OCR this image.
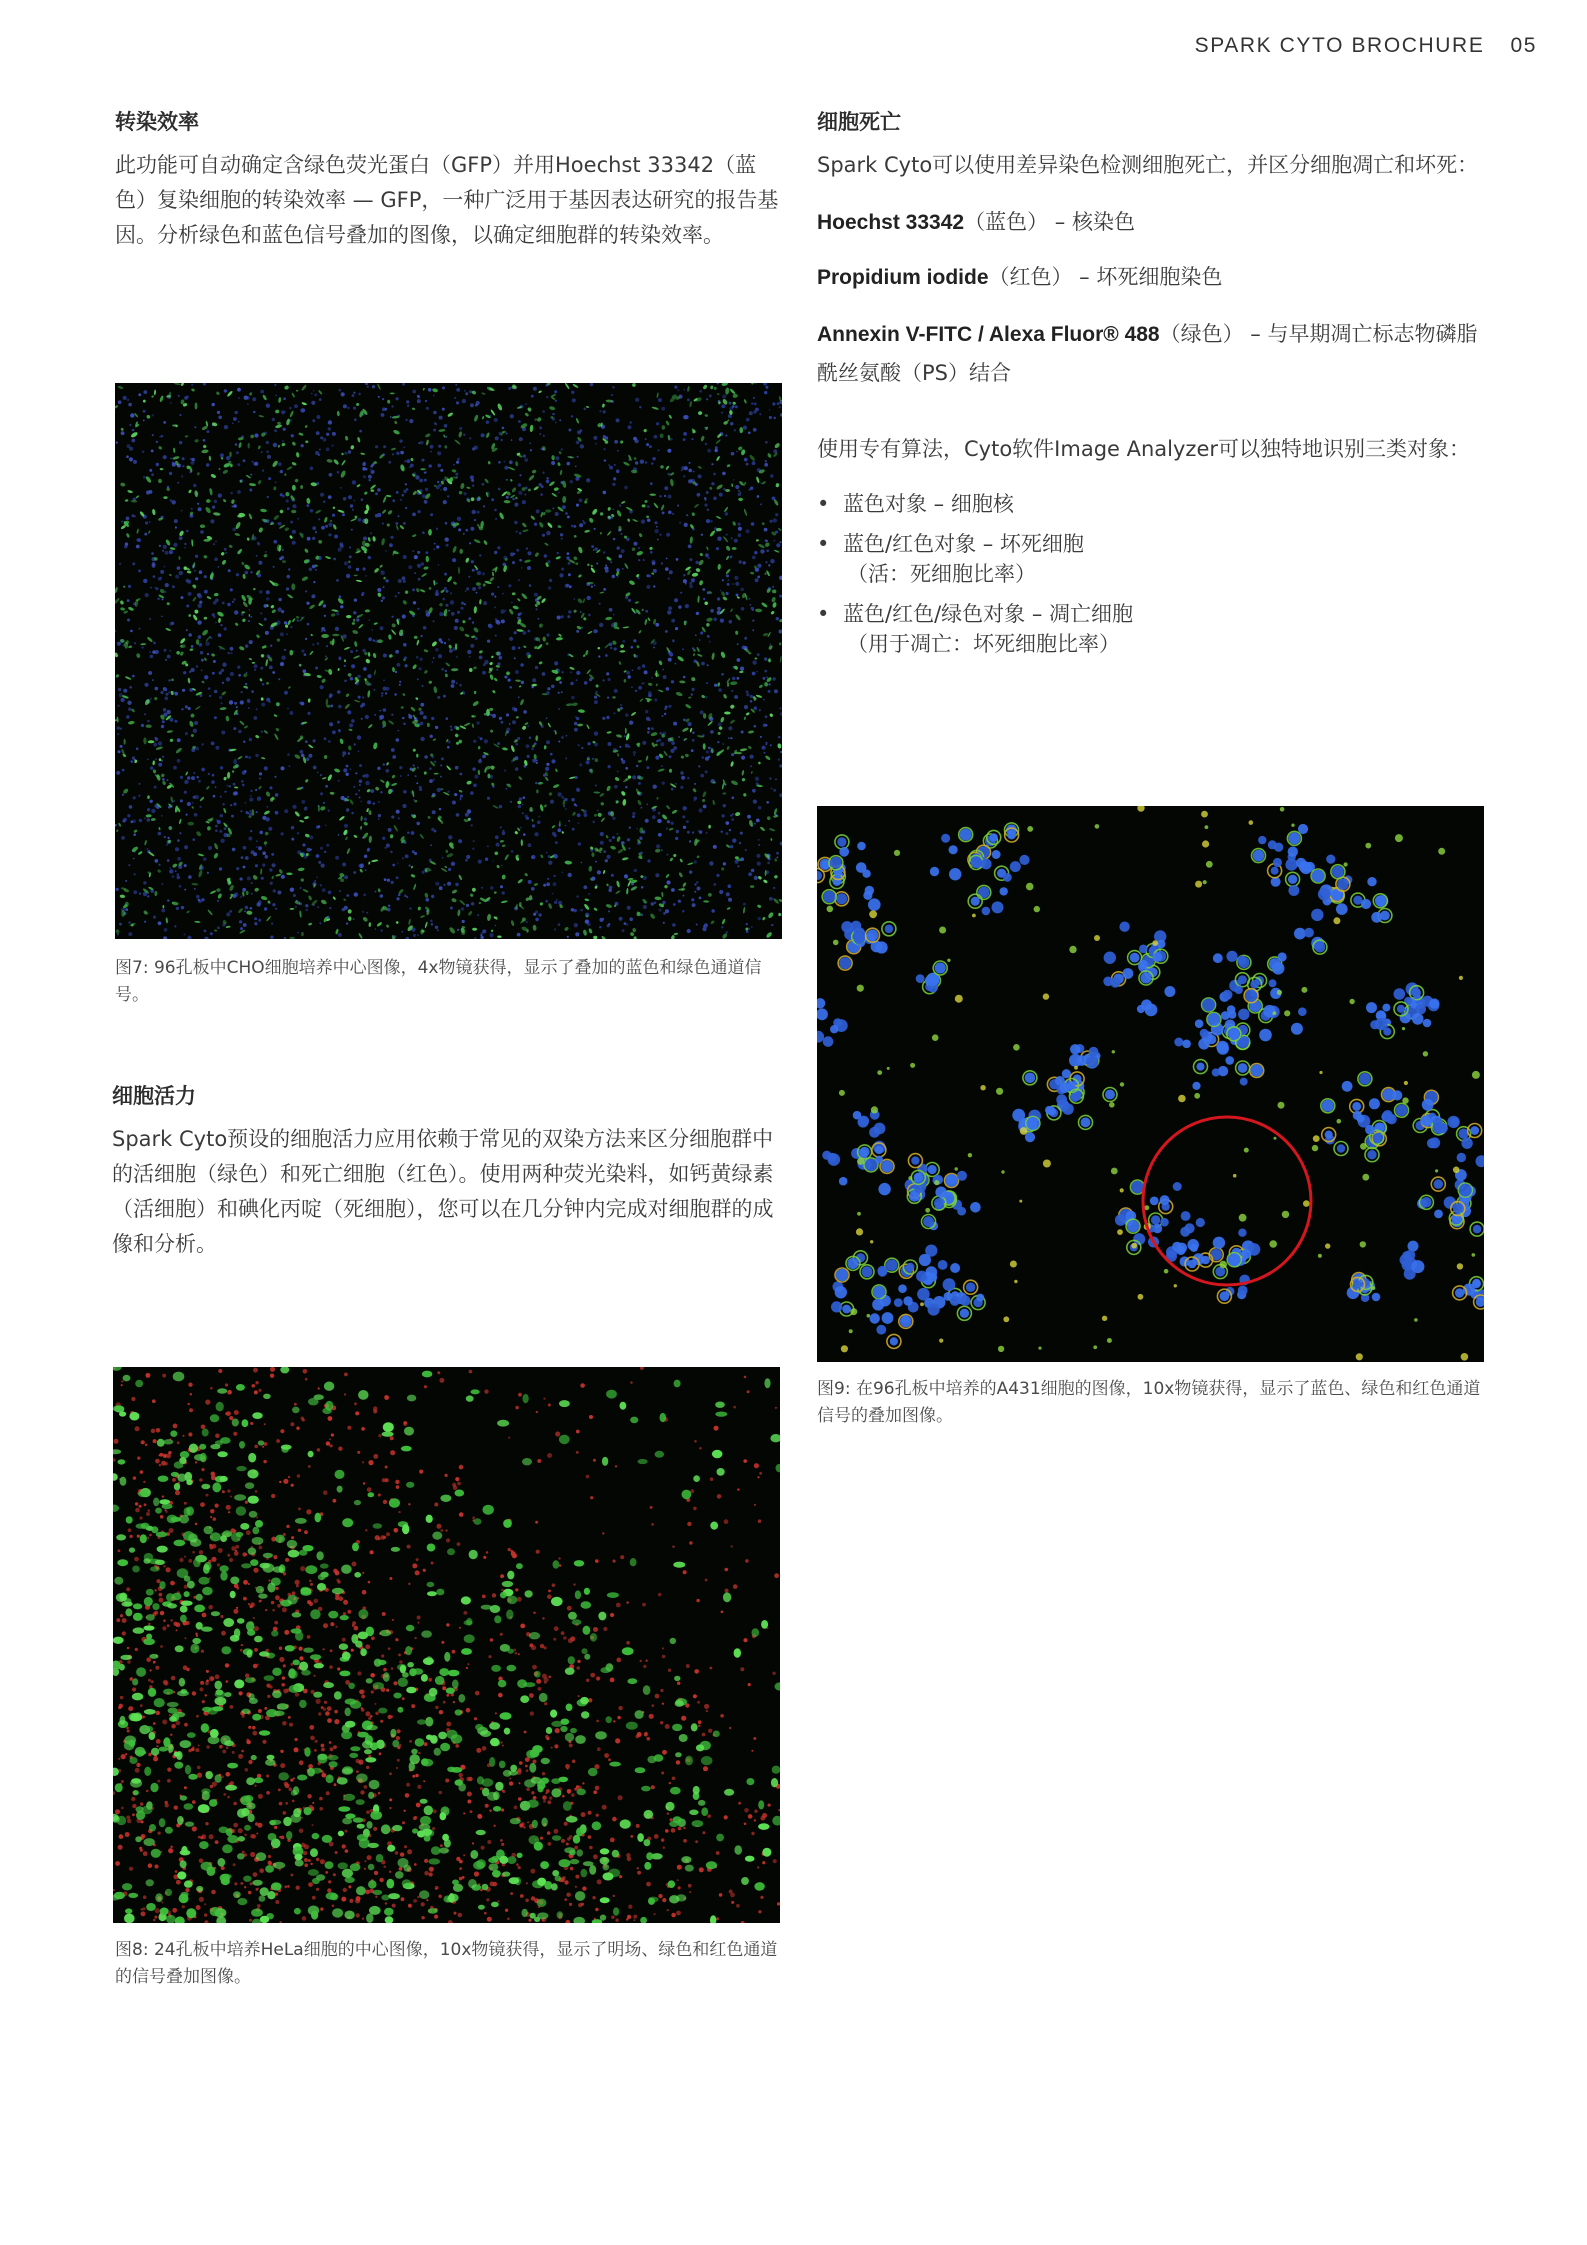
SPARK CYTO BROCHURE 05
转染效率

此功能可自动确定含绿色荧光蛋白（GFP）并用Hoechst 33342（蓝色）复染细胞的转染效率 — GFP，一种广泛用于基因表达研究的报告基因。分析绿色和蓝色信号叠加的图像，以确定细胞群的转染效率。

图7: 96孔板中CHO细胞培养中心图像，4x物镜获得，显示了叠加的蓝色和绿色通道信号。
细胞活力

Spark Cyto预设的细胞活力应用依赖于常见的双染方法来区分细胞群中的活细胞（绿色）和死亡细胞（红色）。使用两种荧光染料，如钙黄绿素（活细胞）和碘化丙啶（死细胞），您可以在几分钟内完成对细胞群的成像和分析。

图8: 24孔板中培养HeLa细胞的中心图像，10x物镜获得，显示了明场、绿色和红色通道的信号叠加图像。
细胞死亡

Spark Cyto可以使用差异染色检测细胞死亡，并区分细胞凋亡和坏死：

Hoechst 33342（蓝色） – 核染色

Propidium iodide（红色） – 坏死细胞染色

Annexin V-FITC / Alexa Fluor® 488（绿色） – 与早期凋亡标志物磷脂酰丝氨酸（PS）结合

使用专有算法，Cyto软件Image Analyzer可以独特地识别三类对象：

• 蓝色对象 – 细胞核
• 蓝色/红色对象 – 坏死细胞
（活：死细胞比率）
• 蓝色/红色/绿色对象 – 凋亡细胞
（用于凋亡：坏死细胞比率）
图9: 在96孔板中培养的A431细胞的图像，10x物镜获得，显示了蓝色、绿色和红色通道信号的叠加图像。
